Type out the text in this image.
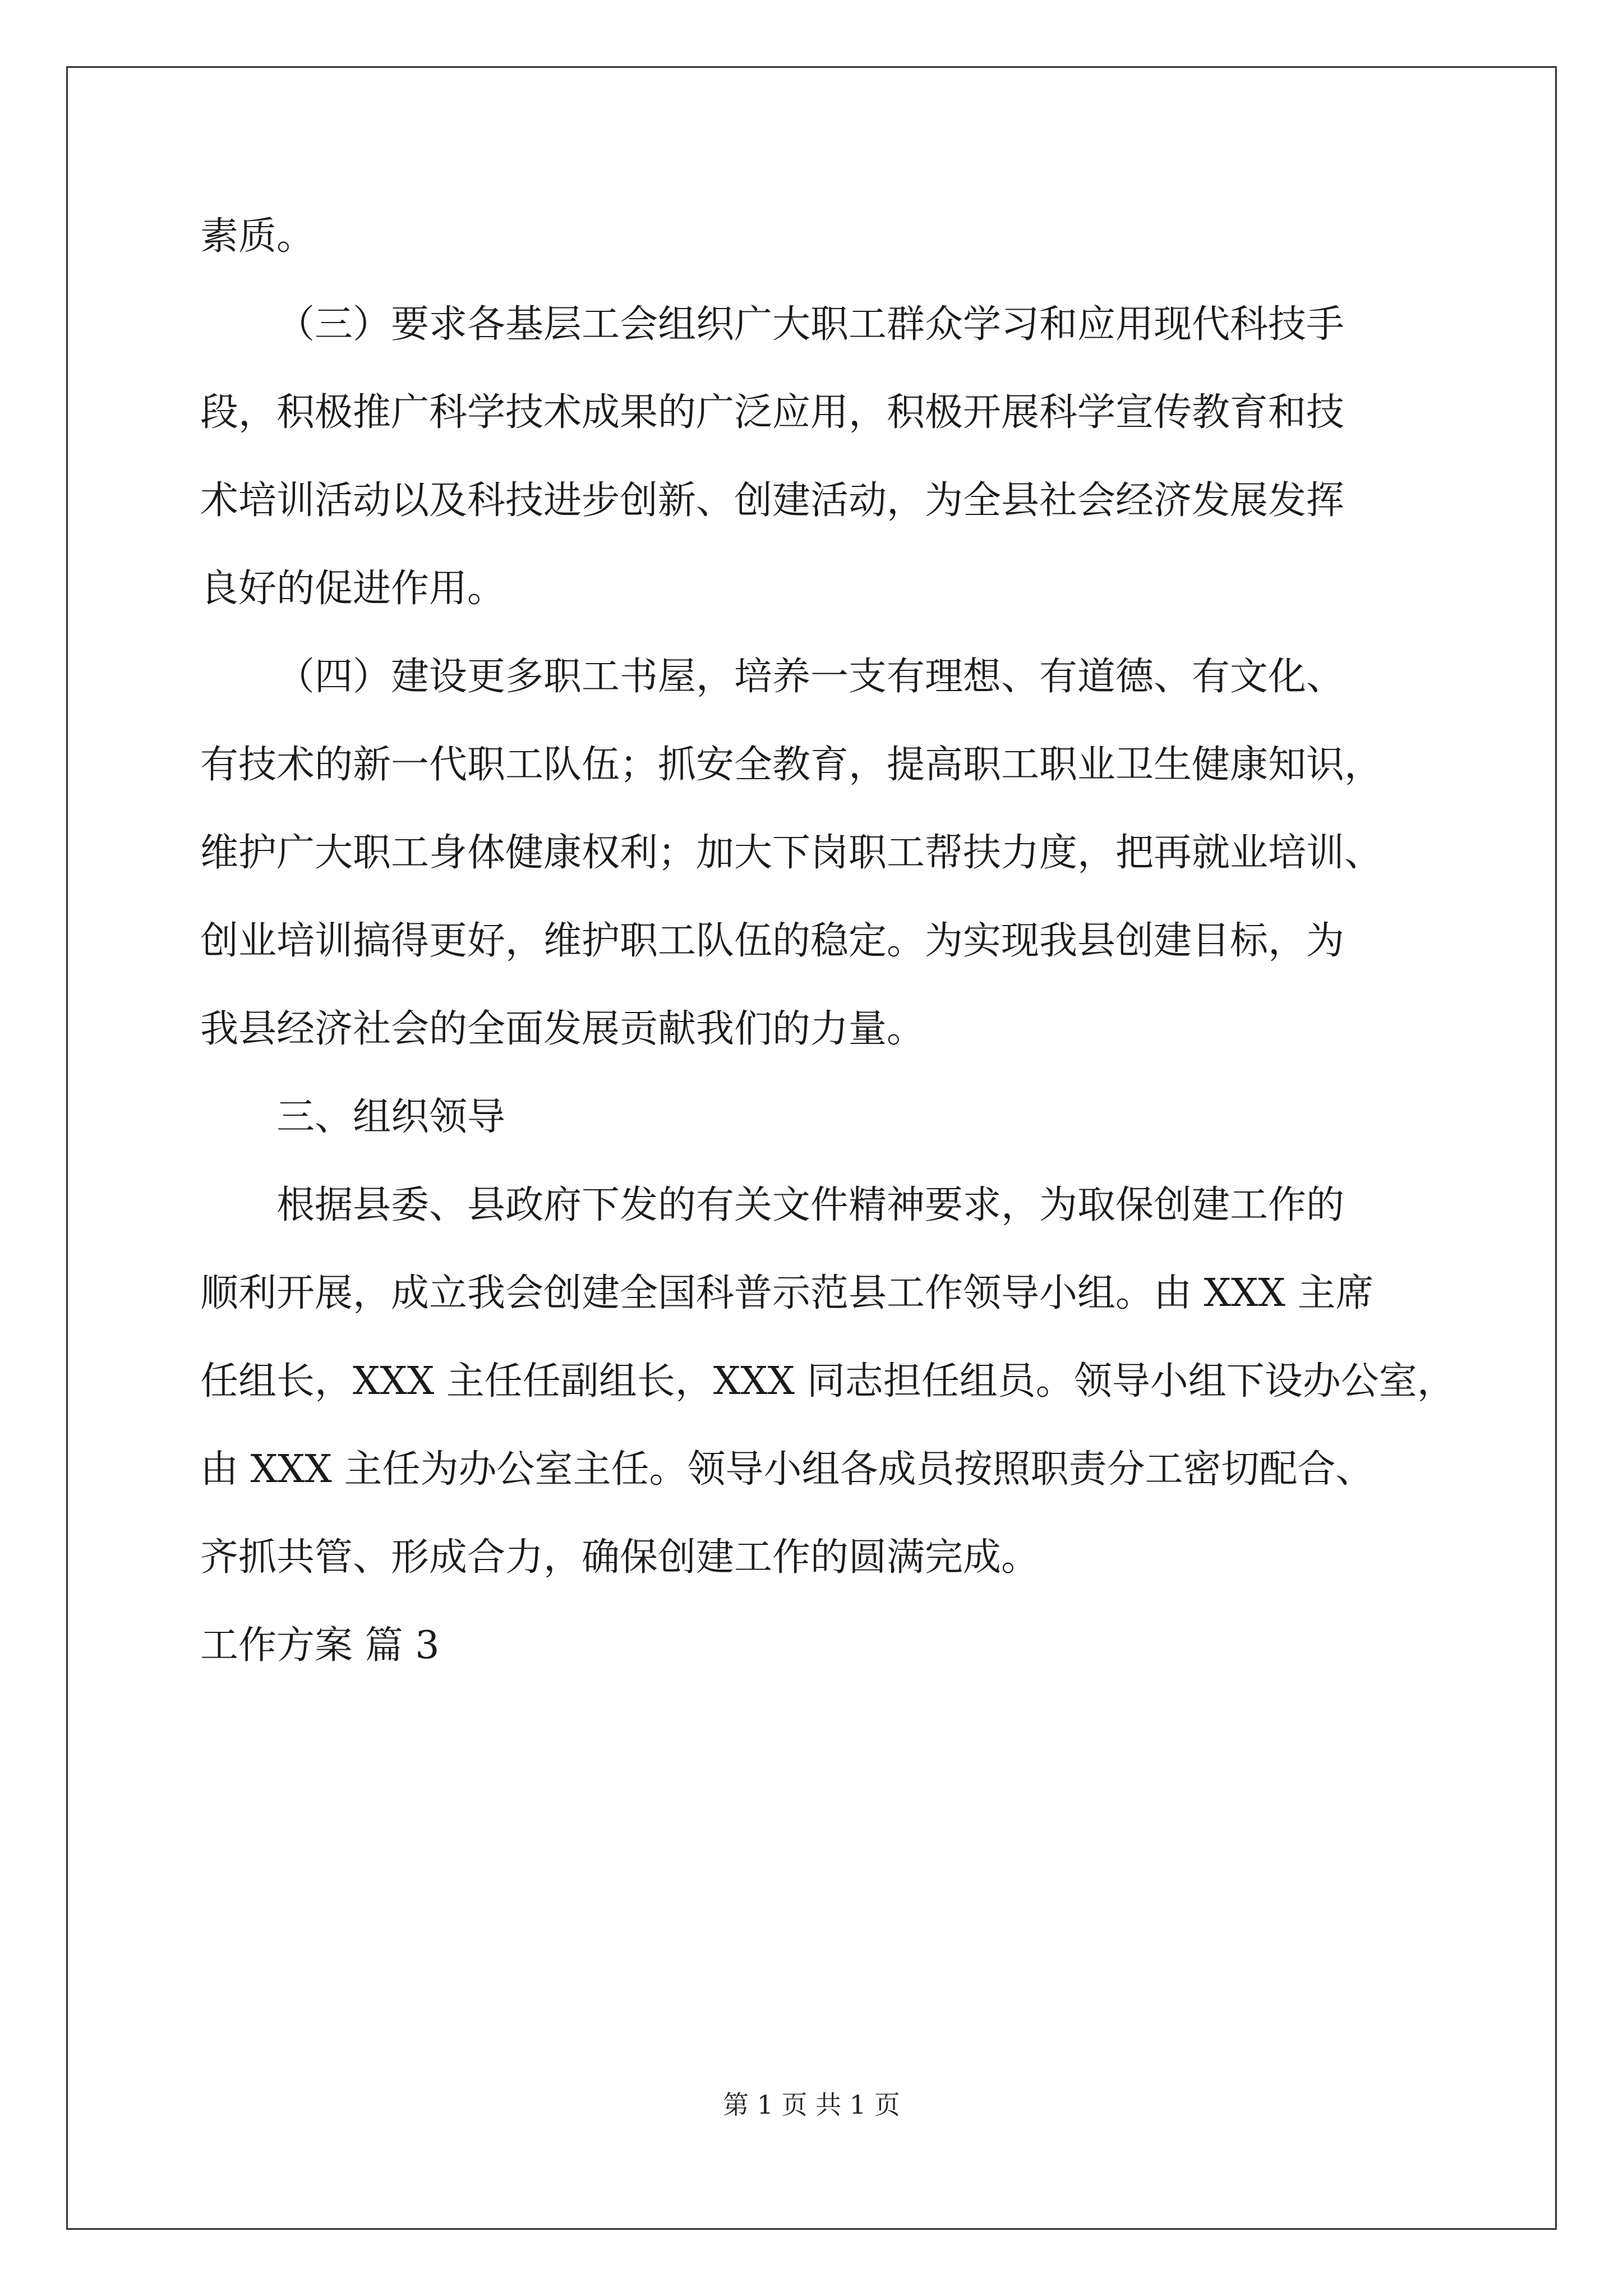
素质。
（三）要求各基层工会组织广大职工群众学习和应用现代科技手
段，积极推广科学技术成果的广泛应用，积极开展科学宣传教育和技
术培训活动以及科技进步创新、创建活动，为全县社会经济发展发挥
良好的促进作用。
（四）建设更多职工书屋，培养一支有理想、有道德、有文化、
有技术的新一代职工队伍；抓安全教育，提高职工职业卫生健康知识，
维护广大职工身体健康权利；加大下岗职工帮扶力度，把再就业培训、
创业培训搞得更好，维护职工队伍的稳定。为实现我县创建目标，为
我县经济社会的全面发展贡献我们的力量。
三、组织领导
根据县委、县政府下发的有关文件精神要求，为取保创建工作的
顺利开展，成立我会创建全国科普示范县工作领导小组。由 XXX 主席
任组长，XXX 主任任副组长，XXX 同志担任组员。领导小组下设办公室，
由 XXX 主任为办公室主任。领导小组各成员按照职责分工密切配合、
齐抓共管、形成合力，确保创建工作的圆满完成。
工作方案 篇 3
第 1 页 共 1 页
